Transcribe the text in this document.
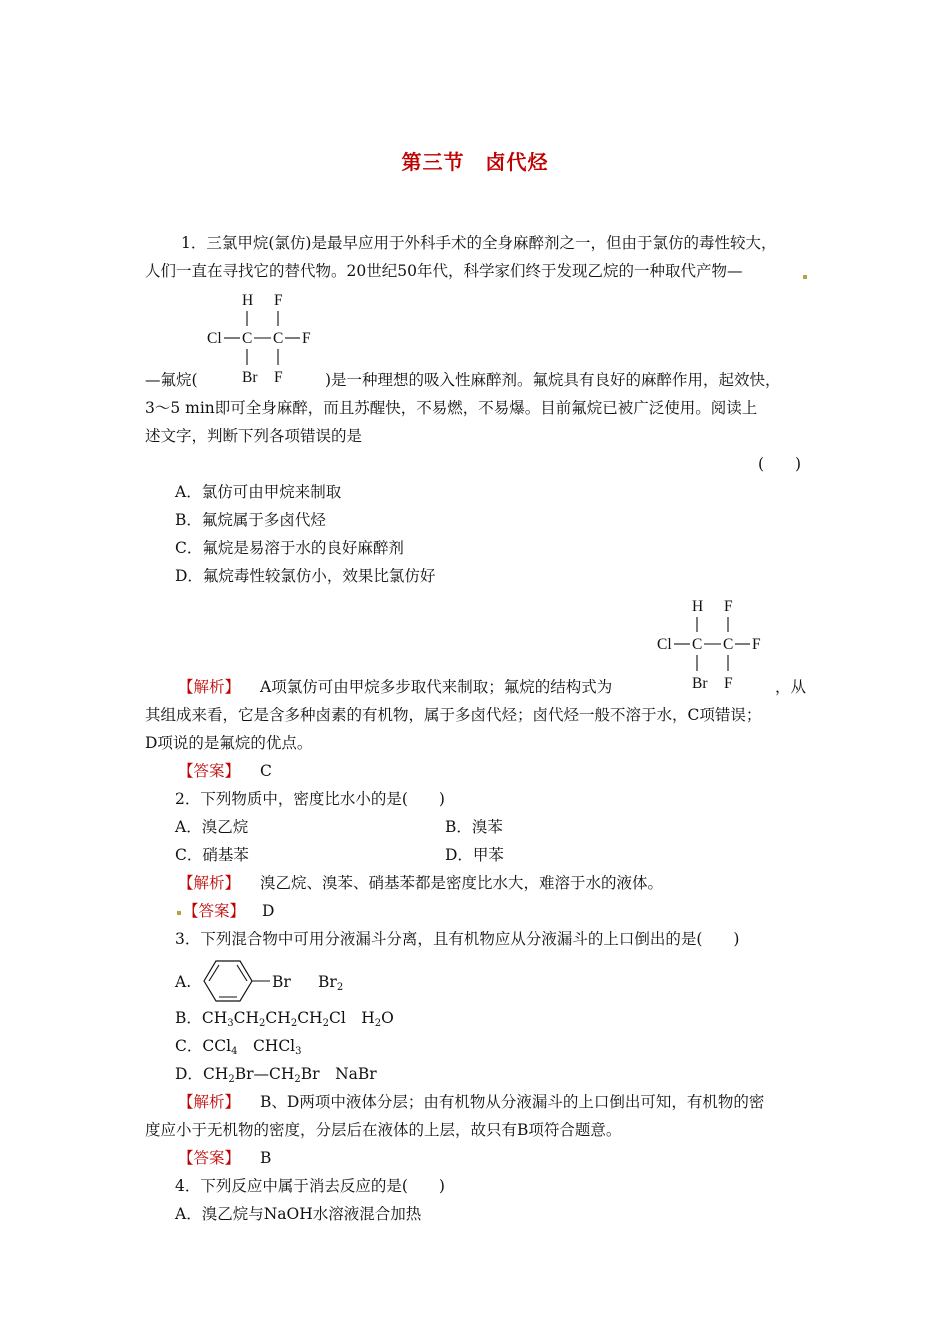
第三节　卤代烃
1．三氯甲烷(氯仿)是最早应用于外科手术的全身麻醉剂之一，但由于氯仿的毒性较大，
人们一直在寻找它的替代物。20世纪50年代，科学家们终于发现乙烷的一种取代产物—
H F
Cl C C F
Br F
—氟烷(	)是一种理想的吸入性麻醉剂。氟烷具有良好的麻醉作用，起效快，
3～5 min即可全身麻醉，而且苏醒快，不易燃，不易爆。目前氟烷已被广泛使用。阅读上
述文字，判断下列各项错误的是
(　　)
A．氯仿可由甲烷来制取
B．氟烷属于多卤代烃
C．氟烷是易溶于水的良好麻醉剂
D．氟烷毒性较氯仿小，效果比氯仿好
H F
Cl C C F
Br F
【解析】 A项氯仿可由甲烷多步取代来制取；氟烷的结构式为	，从
其组成来看，它是含多种卤素的有机物，属于多卤代烃；卤代烃一般不溶于水，C项错误；
D项说的是氟烷的优点。
【答案】 C
2．下列物质中，密度比水小的是(　　)
A．溴乙烷	B．溴苯
C．硝基苯	D．甲苯
【解析】 溴乙烷、溴苯、硝基苯都是密度比水大，难溶于水的液体。
【答案】 D
3．下列混合物中可用分液漏斗分离，且有机物应从分液漏斗的上口倒出的是(　　)
A.	Br $Br_2$
B．$CH_3CH_2CH_2CH_2Cl$　$H_2O$
C．CCl$_4$　CHCl$_3$
D．$CH_2Br—CH_2Br$　NaBr
【解析】 B、D两项中液体分层；由有机物从分液漏斗的上口倒出可知，有机物的密
度应小于无机物的密度，分层后在液体的上层，故只有B项符合题意。
【答案】 B
4．下列反应中属于消去反应的是(　　)
A．溴乙烷与NaOH水溶液混合加热
